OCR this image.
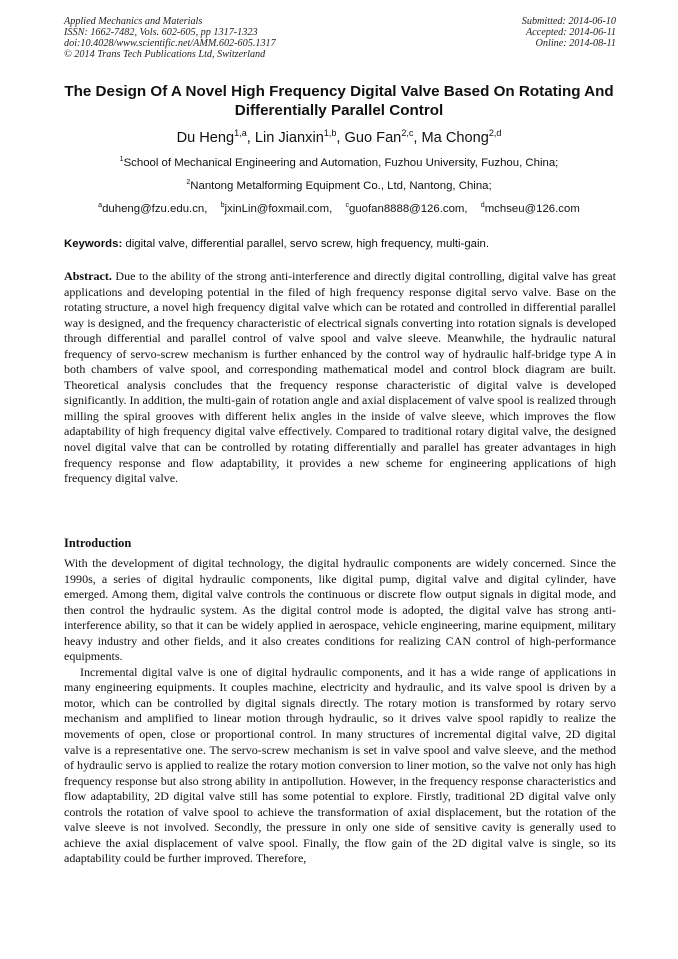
Applied Mechanics and Materials
ISSN: 1662-7482, Vols. 602-605, pp 1317-1323
doi:10.4028/www.scientific.net/AMM.602-605.1317
© 2014 Trans Tech Publications Ltd, Switzerland
Submitted: 2014-06-10
Accepted: 2014-06-11
Online: 2014-08-11
The Design Of A Novel High Frequency Digital Valve Based On Rotating And Differentially Parallel Control
Du Heng$^{1,a}$, Lin Jianxin$^{1,b}$, Guo Fan$^{2,c}$, Ma Chong$^{2,d}$
$^1$School of Mechanical Engineering and Automation, Fuzhou University, Fuzhou, China;
$^2$Nantong Metalforming Equipment Co., Ltd, Nantong, China;
$^a$duheng@fzu.edu.cn, $^b$jxinLin@foxmail.com, $^c$guofan8888@126.com, $^d$mchseu@126.com
Keywords: digital valve, differential parallel, servo screw, high frequency, multi-gain.
Abstract. Due to the ability of the strong anti-interference and directly digital controlling, digital valve has great applications and developing potential in the filed of high frequency response digital servo valve. Base on the rotating structure, a novel high frequency digital valve which can be rotated and controlled in differential parallel way is designed, and the frequency characteristic of electrical signals converting into rotation signals is developed through differential and parallel control of valve spool and valve sleeve. Meanwhile, the hydraulic natural frequency of servo-screw mechanism is further enhanced by the control way of hydraulic half-bridge type A in both chambers of valve spool, and corresponding mathematical model and control block diagram are built. Theoretical analysis concludes that the frequency response characteristic of digital valve is developed significantly. In addition, the multi-gain of rotation angle and axial displacement of valve spool is realized through milling the spiral grooves with different helix angles in the inside of valve sleeve, which improves the flow adaptability of high frequency digital valve effectively. Compared to traditional rotary digital valve, the designed novel digital valve that can be controlled by rotating differentially and parallel has greater advantages in high frequency response and flow adaptability, it provides a new scheme for engineering applications of high frequency digital valve.
Introduction

With the development of digital technology, the digital hydraulic components are widely concerned. Since the 1990s, a series of digital hydraulic components, like digital pump, digital valve and digital cylinder, have emerged. Among them, digital valve controls the continuous or discrete flow output signals in digital mode, and then control the hydraulic system. As the digital control mode is adopted, the digital valve has strong anti-interference ability, so that it can be widely applied in aerospace, vehicle engineering, marine equipment, military heavy industry and other fields, and it also creates conditions for realizing CAN control of high-performance equipments.

Incremental digital valve is one of digital hydraulic components, and it has a wide range of applications in many engineering equipments. It couples machine, electricity and hydraulic, and its valve spool is driven by a motor, which can be controlled by digital signals directly. The rotary motion is transformed by rotary servo mechanism and amplified to linear motion through hydraulic, so it drives valve spool rapidly to realize the movements of open, close or proportional control. In many structures of incremental digital valve, 2D digital valve is a representative one. The servo-screw mechanism is set in valve spool and valve sleeve, and the method of hydraulic servo is applied to realize the rotary motion conversion to liner motion, so the valve not only has high frequency response but also strong ability in antipollution. However, in the frequency response characteristics and flow adaptability, 2D digital valve still has some potential to explore. Firstly, traditional 2D digital valve only controls the rotation of valve spool to achieve the transformation of axial displacement, but the rotation of the valve sleeve is not involved. Secondly, the pressure in only one side of sensitive cavity is generally used to achieve the axial displacement of valve spool. Finally, the flow gain of the 2D digital valve is single, so its adaptability could be further improved. Therefore,
